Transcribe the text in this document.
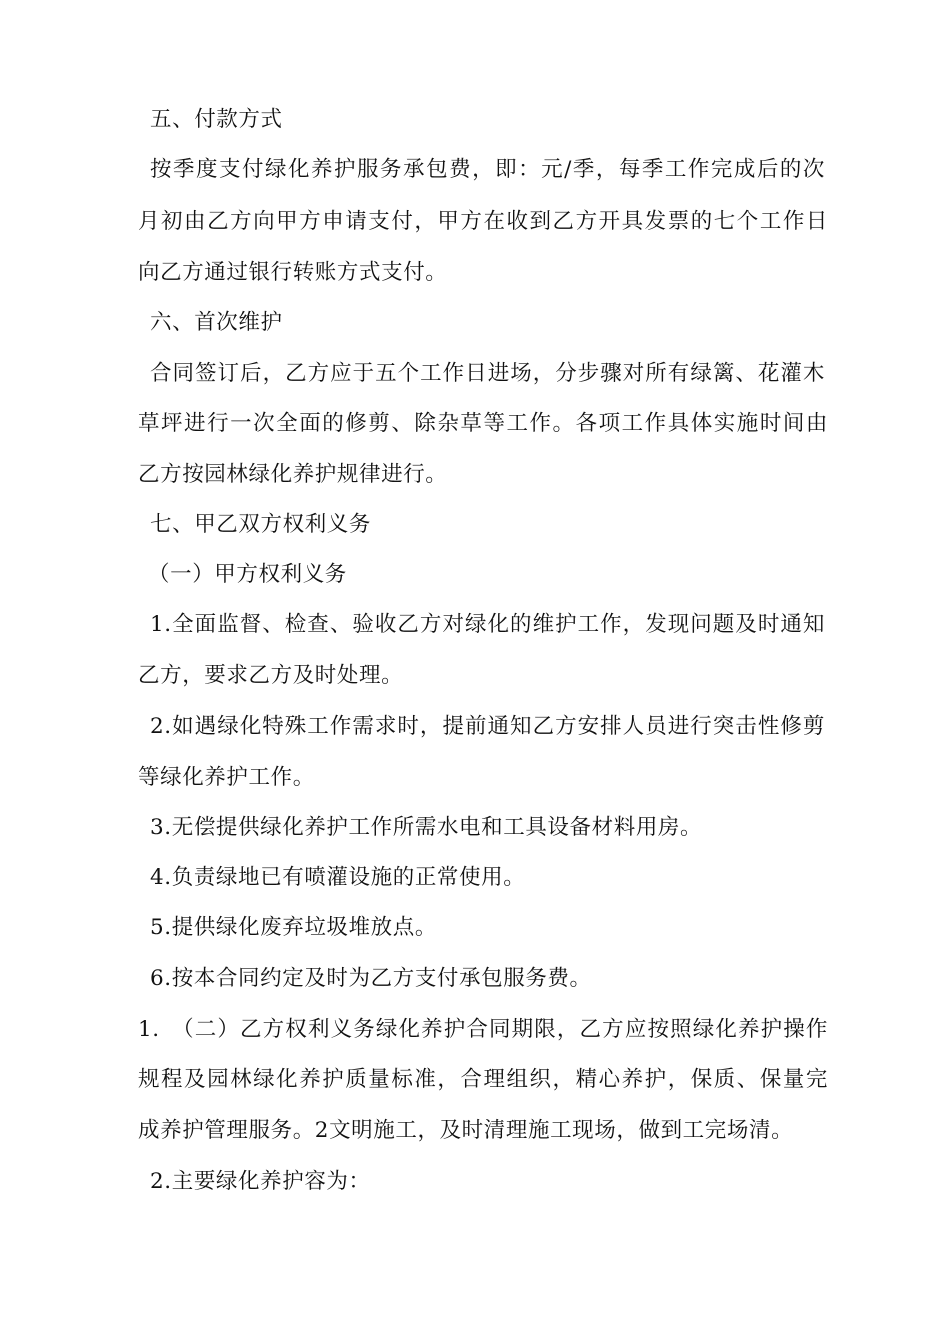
五、付款方式
按季度支付绿化养护服务承包费，即：元/季，每季工作完成后的次
月初由乙方向甲方申请支付，甲方在收到乙方开具发票的七个工作日
向乙方通过银行转账方式支付。
六、首次维护
合同签订后，乙方应于五个工作日进场，分步骤对所有绿篱、花灌木
草坪进行一次全面的修剪、除杂草等工作。各项工作具体实施时间由
乙方按园林绿化养护规律进行。
七、甲乙双方权利义务
（一）甲方权利义务
1.全面监督、检查、验收乙方对绿化的维护工作，发现问题及时通知
乙方，要求乙方及时处理。
2.如遇绿化特殊工作需求时，提前通知乙方安排人员进行突击性修剪
等绿化养护工作。
3.无偿提供绿化养护工作所需水电和工具设备材料用房。
4.负责绿地已有喷灌设施的正常使用。
5.提供绿化废弃垃圾堆放点。
6.按本合同约定及时为乙方支付承包服务费。
1.　（二）乙方权利义务绿化养护合同期限，乙方应按照绿化养护操作
规程及园林绿化养护质量标准，合理组织，精心养护，保质、保量完
成养护管理服务。2文明施工，及时清理施工现场，做到工完场清。
2.主要绿化养护容为：
